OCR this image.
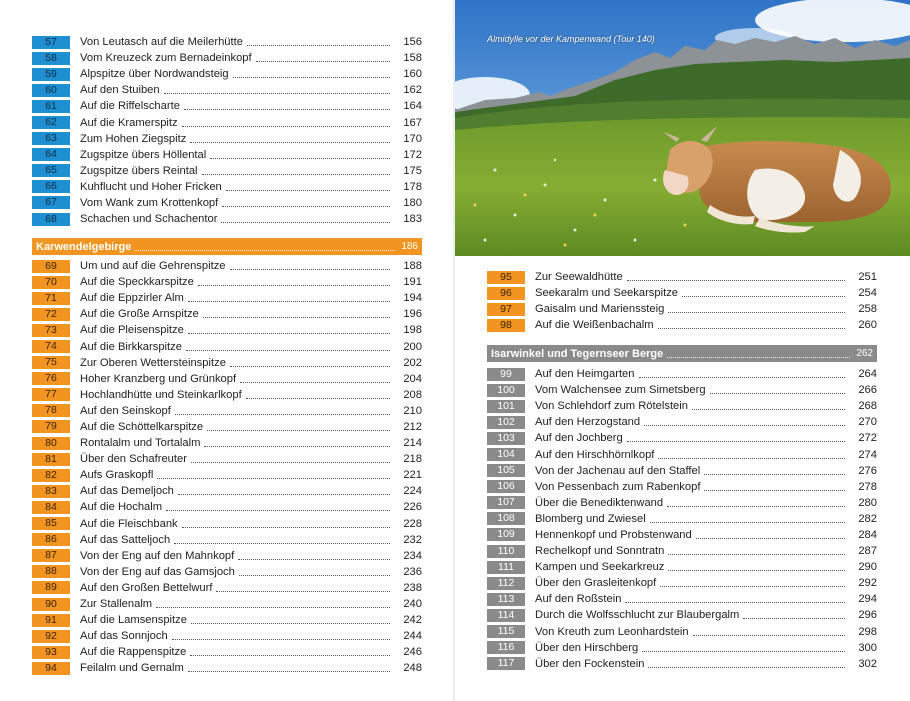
57	Von Leutasch auf die Meilerhütte	156
58	Vom Kreuzeck zum Bernadeinkopf	158
59	Alpspitze über Nordwandsteig	160
60	Auf den Stuiben	162
61	Auf die Riffelscharte	164
62	Auf die Kramerspitz	167
63	Zum Hohen Ziegspitz	170
64	Zugspitze übers Höllental	172
65	Zugspitze übers Reintal	175
66	Kuhflucht und Hoher Fricken	178
67	Vom Wank zum Krottenkopf	180
68	Schachen und Schachentor	183
Karwendelgebirge	186
69	Um und auf die Gehrenspitze	188
70	Auf die Speckkarspitze	191
71	Auf die Eppzirler Alm	194
72	Auf die Große Arnspitze	196
73	Auf die Pleisenspitze	198
74	Auf die Birkkarspitze	200
75	Zur Oberen Wettersteinspitze	202
76	Hoher Kranzberg und Grünkopf	204
77	Hochlandhütte und Steinkarlkopf	208
78	Auf den Seinskopf	210
79	Auf die Schöttelkarspitze	212
80	Rontalalm und Tortalalm	214
81	Über den Schafreuter	218
82	Aufs Graskopfl	221
83	Auf das Demeljoch	224
84	Auf die Hochalm	226
85	Auf die Fleischbank	228
86	Auf das Satteljoch	232
87	Von der Eng auf den Mahnkopf	234
88	Von der Eng auf das Gamsjoch	236
89	Auf den Großen Bettelwurf	238
90	Zur Stallenalm	240
91	Auf die Lamsenspitze	242
92	Auf das Sonnjoch	244
93	Auf die Rappenspitze	246
94	Feilalm und Gernalm	248
Almidylle vor der Kampenwand (Tour 140)
95	Zur Seewaldhütte	251
96	Seekaralm und Seekarspitze	254
97	Gaisalm und Marienssteig	258
98	Auf die Weißenbachalm	260
Isarwinkel und Tegernseer Berge	262
99	Auf den Heimgarten	264
100	Vom Walchensee zum Simetsberg	266
101	Von Schlehdorf zum Rötelstein	268
102	Auf den Herzogstand	270
103	Auf den Jochberg	272
104	Auf den Hirschhörnlkopf	274
105	Von der Jachenau auf den Staffel	276
106	Von Pessenbach zum Rabenkopf	278
107	Über die Benediktenwand	280
108	Blomberg und Zwiesel	282
109	Hennenkopf und Probstenwand	284
110	Rechelkopf und Sonntratn	287
111	Kampen und Seekarkreuz	290
112	Über den Grasleitenkopf	292
113	Auf den Roßstein	294
114	Durch die Wolfsschlucht zur Blaubergalm	296
115	Von Kreuth zum Leonhardstein	298
116	Über den Hirschberg	300
117	Über den Fockenstein	302
